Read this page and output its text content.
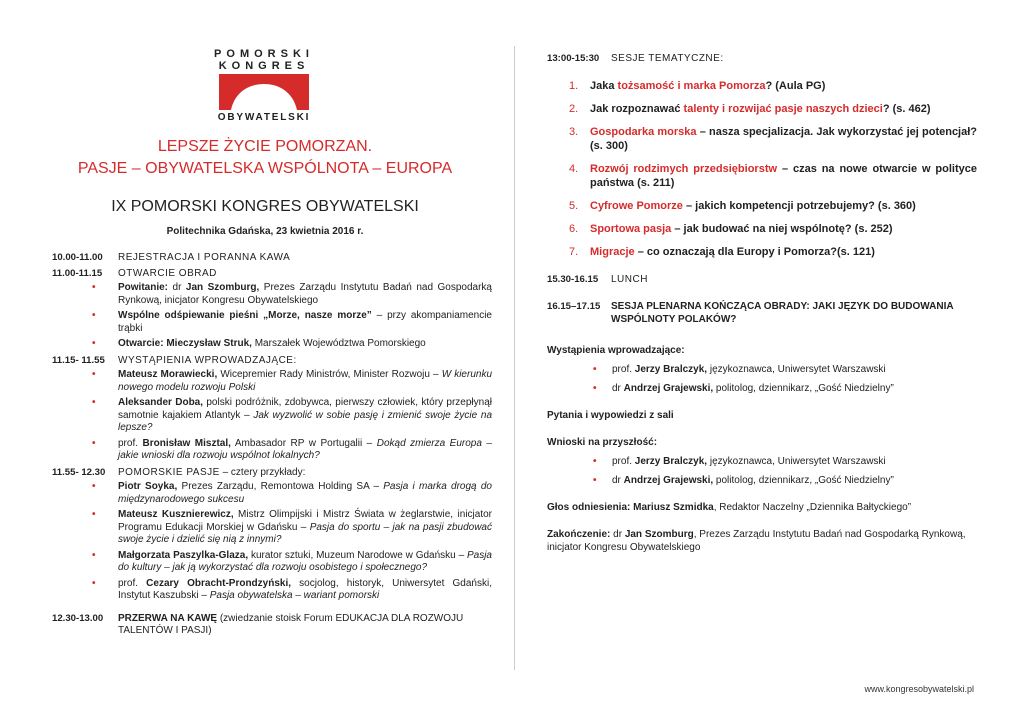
POMORSKI
KONGRES
OBYWATELSKI
LEPSZE ŻYCIE POMORZAN.
PASJE – OBYWATELSKA WSPÓLNOTA – EUROPA
IX POMORSKI KONGRES OBYWATELSKI
Politechnika Gdańska, 23 kwietnia 2016 r.
10.00-11.00	REJESTRACJA I PORANNA KAWA
11.00-11.15	OTWARCIE OBRAD
• Powitanie: dr Jan Szomburg, Prezes Zarządu Instytutu Badań nad Gospodarką Rynkową, inicjator Kongresu Obywatelskiego
• Wspólne odśpiewanie pieśni „Morze, nasze morze” – przy akompaniamencie trąbki
• Otwarcie: Mieczysław Struk, Marszałek Województwa Pomorskiego
11.15- 11.55	WYSTĄPIENIA WPROWADZAJĄCE:
• Mateusz Morawiecki, Wicepremier Rady Ministrów, Minister Rozwoju – W kierunku nowego modelu rozwoju Polski
• Aleksander Doba, polski podróżnik, zdobywca, pierwszy człowiek, który przepłynął samotnie kajakiem Atlantyk – Jak wyzwolić w sobie pasję i zmienić swoje życie na lepsze?
• prof. Bronisław Misztal, Ambasador RP w Portugalii – Dokąd zmierza Europa – jakie wnioski dla rozwoju wspólnot lokalnych?
11.55- 12.30	POMORSKIE PASJE – cztery przykłady:
• Piotr Soyka, Prezes Zarządu, Remontowa Holding SA – Pasja i marka drogą do międzynarodowego sukcesu
• Mateusz Kusznierewicz, Mistrz Olimpijski i Mistrz Świata w żeglarstwie, inicjator Programu Edukacji Morskiej w Gdańsku – Pasja do sportu – jak na pasji zbudować swoje życie i dzielić się nią z innymi?
• Małgorzata Paszylka-Glaza, kurator sztuki, Muzeum Narodowe w Gdańsku – Pasja do kultury – jak ją wykorzystać dla rozwoju osobistego i społecznego?
• prof. Cezary Obracht-Prondzyński, socjolog, historyk, Uniwersytet Gdański, Instytut Kaszubski – Pasja obywatelska – wariant pomorski
12.30-13.00	PRZERWA NA KAWĘ (zwiedzanie stoisk Forum EDUKACJA DLA ROZWOJU TALENTÓW I PASJI)
13:00-15:30	SESJE TEMATYCZNE:
1. Jaka tożsamość i marka Pomorza? (Aula PG)
2. Jak rozpoznawać talenty i rozwijać pasje naszych dzieci? (s. 462)
3. Gospodarka morska – nasza specjalizacja. Jak wykorzystać jej potencjał? (s. 300)
4. Rozwój rodzimych przedsiębiorstw – czas na nowe otwarcie w polityce państwa (s. 211)
5. Cyfrowe Pomorze – jakich kompetencji potrzebujemy? (s. 360)
6. Sportowa pasja – jak budować na niej wspólnotę? (s. 252)
7. Migracje – co oznaczają dla Europy i Pomorza?(s. 121)
15.30-16.15	LUNCH
16.15–17.15	SESJA PLENARNA KOŃCZĄCA OBRADY: JAKI JĘZYK DO BUDOWANIA WSPÓLNOTY POLAKÓW?
Wystąpienia wprowadzające:
• prof. Jerzy Bralczyk, językoznawca, Uniwersytet Warszawski
• dr Andrzej Grajewski, politolog, dziennikarz, „Gość Niedzielny”
Pytania i wypowiedzi z sali
Wnioski na przyszłość:
• prof. Jerzy Bralczyk, językoznawca, Uniwersytet Warszawski
• dr Andrzej Grajewski, politolog, dziennikarz, „Gość Niedzielny”
Głos odniesienia: Mariusz Szmidka, Redaktor Naczelny „Dziennika Bałtyckiego”
Zakończenie: dr Jan Szomburg, Prezes Zarządu Instytutu Badań nad Gospodarką Rynkową, inicjator Kongresu Obywatelskiego
www.kongresobywatelski.pl
